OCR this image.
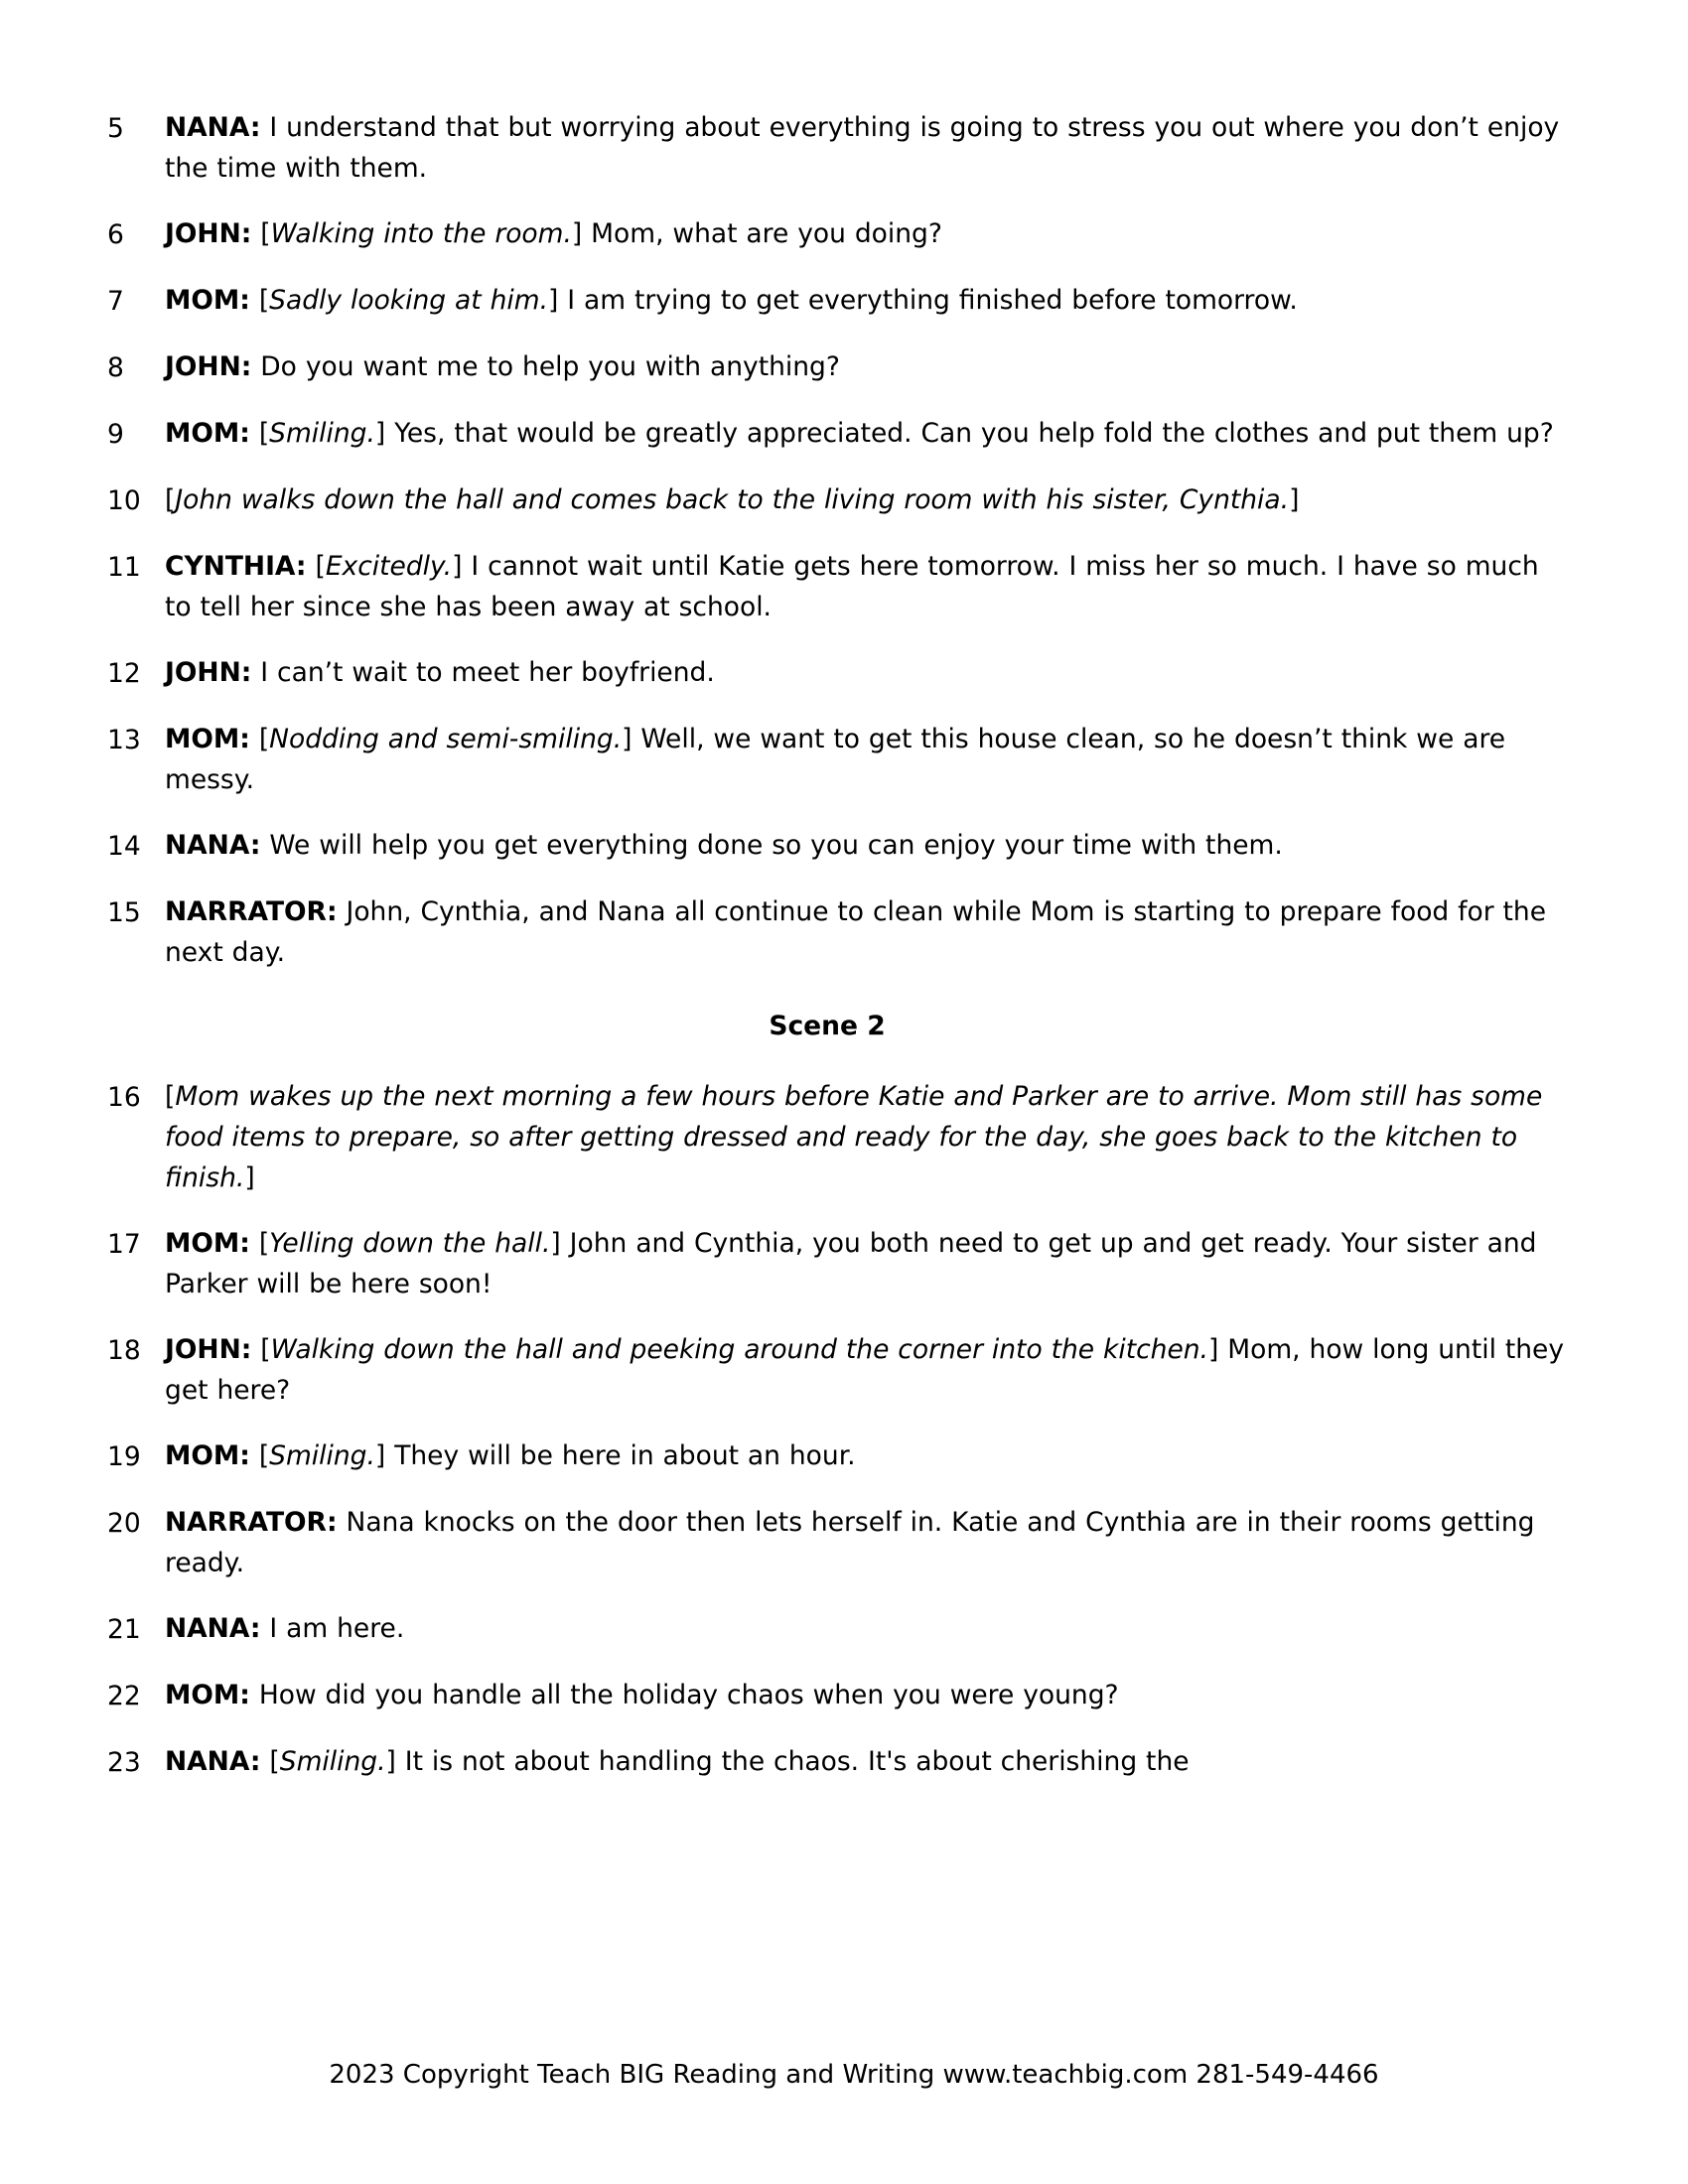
5	NANA: I understand that but worrying about everything is going to stress you out where you don’t enjoy the time with them.
6	JOHN: [Walking into the room.] Mom, what are you doing?
7	MOM: [Sadly looking at him.] I am trying to get everything finished before tomorrow.
8	JOHN: Do you want me to help you with anything?
9	MOM: [Smiling.] Yes, that would be greatly appreciated. Can you help fold the clothes and put them up?
10 [John walks down the hall and comes back to the living room with his sister, Cynthia.]
11 CYNTHIA: [Excitedly.] I cannot wait until Katie gets here tomorrow. I miss her so much. I have so much to tell her since she has been away at school.
12 JOHN: I can’t wait to meet her boyfriend.
13 MOM: [Nodding and semi-smiling.] Well, we want to get this house clean, so he doesn’t think we are messy.
14 NANA: We will help you get everything done so you can enjoy your time with them.
15 NARRATOR: John, Cynthia, and Nana all continue to clean while Mom is starting to prepare food for the next day.
Scene 2
16 [Mom wakes up the next morning a few hours before Katie and Parker are to arrive. Mom still has some food items to prepare, so after getting dressed and ready for the day, she goes back to the kitchen to finish.]
17 MOM: [Yelling down the hall.] John and Cynthia, you both need to get up and get ready. Your sister and Parker will be here soon!
18 JOHN: [Walking down the hall and peeking around the corner into the kitchen.] Mom, how long until they get here?
19 MOM: [Smiling.] They will be here in about an hour.
20 NARRATOR: Nana knocks on the door then lets herself in. Katie and Cynthia are in their rooms getting ready.
21 NANA: I am here.
22 MOM: How did you handle all the holiday chaos when you were young?
23 NANA: [Smiling.] It is not about handling the chaos. It's about cherishing the
2023 Copyright Teach BIG Reading and Writing www.teachbig.com 281-549-4466
